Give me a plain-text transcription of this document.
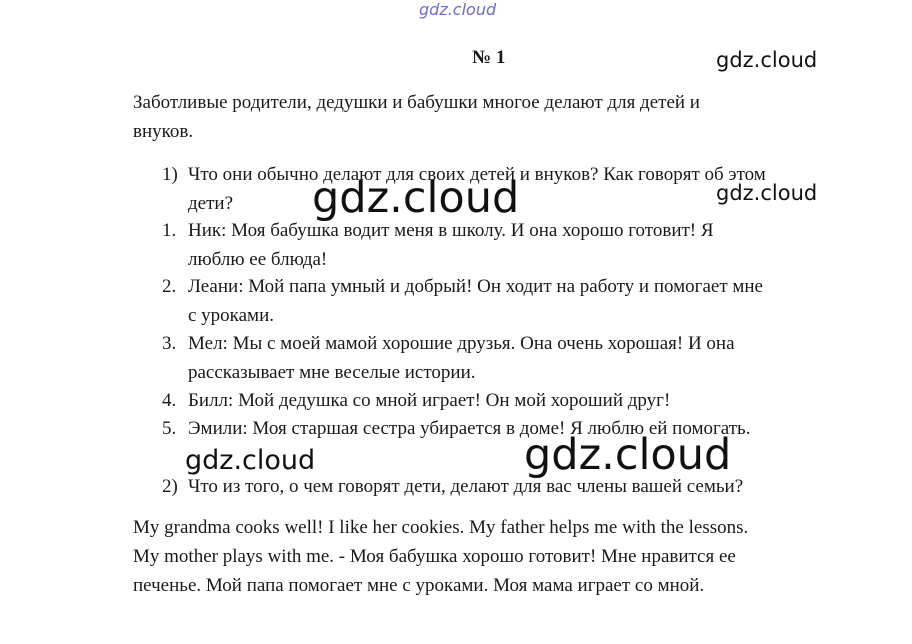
gdz.cloud
№ 1	gdz.cloud
Заботливые родители, дедушки и бабушки многое делают для детей и
внуков.
1) Что они обычно делают для своих детей и внуков? Как говорят об этом
дети?
1. Ник: Моя бабушка водит меня в школу. И она хорошо готовит! Я
люблю ее блюда!
2. Леани: Мой папа умный и добрый! Он ходит на работу и помогает мне
с уроками.
3. Мел: Мы с моей мамой хорошие друзья. Она очень хорошая! И она
рассказывает мне веселые истории.
4. Билл: Мой дедушка со мной играет! Он мой хороший друг!
5. Эмили: Моя старшая сестра убирается в доме! Я люблю ей помогать.
2) Что из того, о чем говорят дети, делают для вас члены вашей семьи?
My grandma cooks well! I like her cookies. My father helps me with the lessons.
My mother plays with me. - Моя бабушка хорошо готовит! Мне нравится ее
печенье. Мой папа помогает мне с уроками. Моя мама играет со мной.
gdz.cloud	gdz.cloud
gdz.cloud	gdz.cloud
